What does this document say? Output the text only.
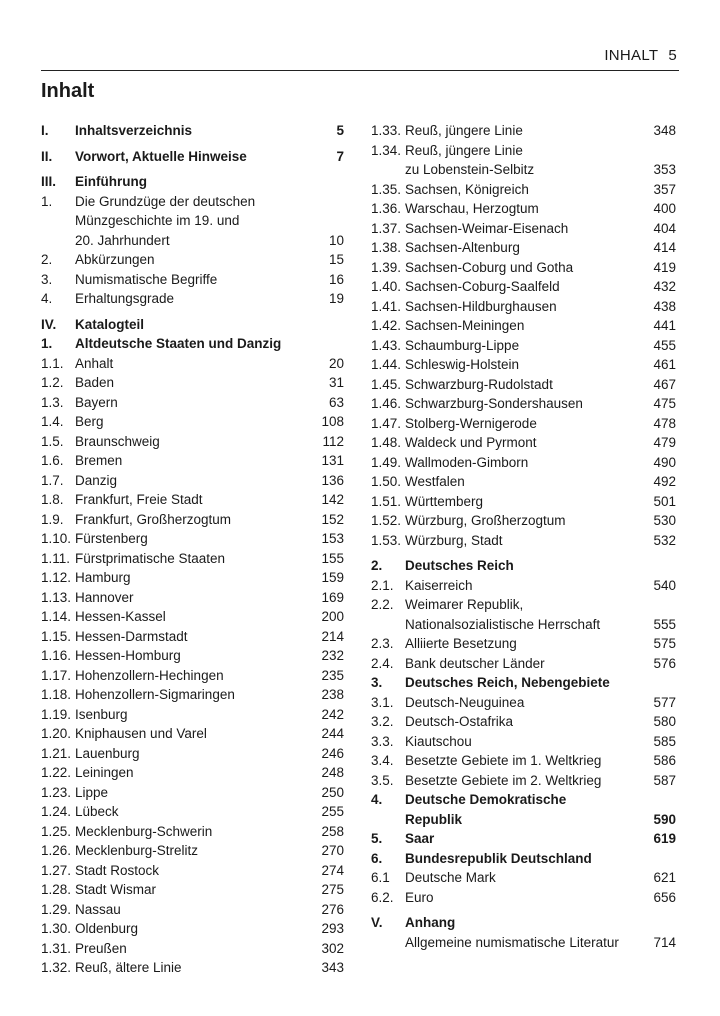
INHALT 5
Inhalt
I. Inhaltsverzeichnis	5
II. Vorwort, Aktuelle Hinweise	7
III. Einführung
1. Die Grundzüge der deutschen
Münzgeschichte im 19. und
20. Jahrhundert	10
2. Abkürzungen	15
3. Numismatische Begriffe	16
4. Erhaltungsgrade	19
IV. Katalogteil
1. Altdeutsche Staaten und Danzig
1.1. Anhalt	20
1.2. Baden	31
1.3. Bayern	63
1.4. Berg	108
1.5. Braunschweig	112
1.6. Bremen	131
1.7. Danzig	136
1.8. Frankfurt, Freie Stadt	142
1.9. Frankfurt, Großherzogtum	152
1.10. Fürstenberg	153
1.11. Fürstprimatische Staaten	155
1.12. Hamburg	159
1.13. Hannover	169
1.14. Hessen-Kassel	200
1.15. Hessen-Darmstadt	214
1.16. Hessen-Homburg	232
1.17. Hohenzollern-Hechingen	235
1.18. Hohenzollern-Sigmaringen	238
1.19. Isenburg	242
1.20. Kniphausen und Varel	244
1.21. Lauenburg	246
1.22. Leiningen	248
1.23. Lippe	250
1.24. Lübeck	255
1.25. Mecklenburg-Schwerin	258
1.26. Mecklenburg-Strelitz	270
1.27. Stadt Rostock	274
1.28. Stadt Wismar	275
1.29. Nassau	276
1.30. Oldenburg	293
1.31. Preußen	302
1.32. Reuß, ältere Linie	343
1.33. Reuß, jüngere Linie	348
1.34. Reuß, jüngere Linie
zu Lobenstein-Selbitz	353
1.35. Sachsen, Königreich	357
1.36. Warschau, Herzogtum	400
1.37. Sachsen-Weimar-Eisenach	404
1.38. Sachsen-Altenburg	414
1.39. Sachsen-Coburg und Gotha	419
1.40. Sachsen-Coburg-Saalfeld	432
1.41. Sachsen-Hildburghausen	438
1.42. Sachsen-Meiningen	441
1.43. Schaumburg-Lippe	455
1.44. Schleswig-Holstein	461
1.45. Schwarzburg-Rudolstadt	467
1.46. Schwarzburg-Sondershausen	475
1.47. Stolberg-Wernigerode	478
1.48. Waldeck und Pyrmont	479
1.49. Wallmoden-Gimborn	490
1.50. Westfalen	492
1.51. Württemberg	501
1.52. Würzburg, Großherzogtum	530
1.53. Würzburg, Stadt	532
2. Deutsches Reich
2.1. Kaiserreich	540
2.2. Weimarer Republik,
Nationalsozialistische Herrschaft	555
2.3. Alliierte Besetzung	575
2.4. Bank deutscher Länder	576
3. Deutsches Reich, Nebengebiete
3.1. Deutsch-Neuguinea	577
3.2. Deutsch-Ostafrika	580
3.3. Kiautschou	585
3.4. Besetzte Gebiete im 1. Weltkrieg	586
3.5. Besetzte Gebiete im 2. Weltkrieg	587
4. Deutsche Demokratische
Republik	590
5. Saar	619
6. Bundesrepublik Deutschland
6.1 Deutsche Mark	621
6.2. Euro	656
V. Anhang
Allgemeine numismatische Literatur	714
